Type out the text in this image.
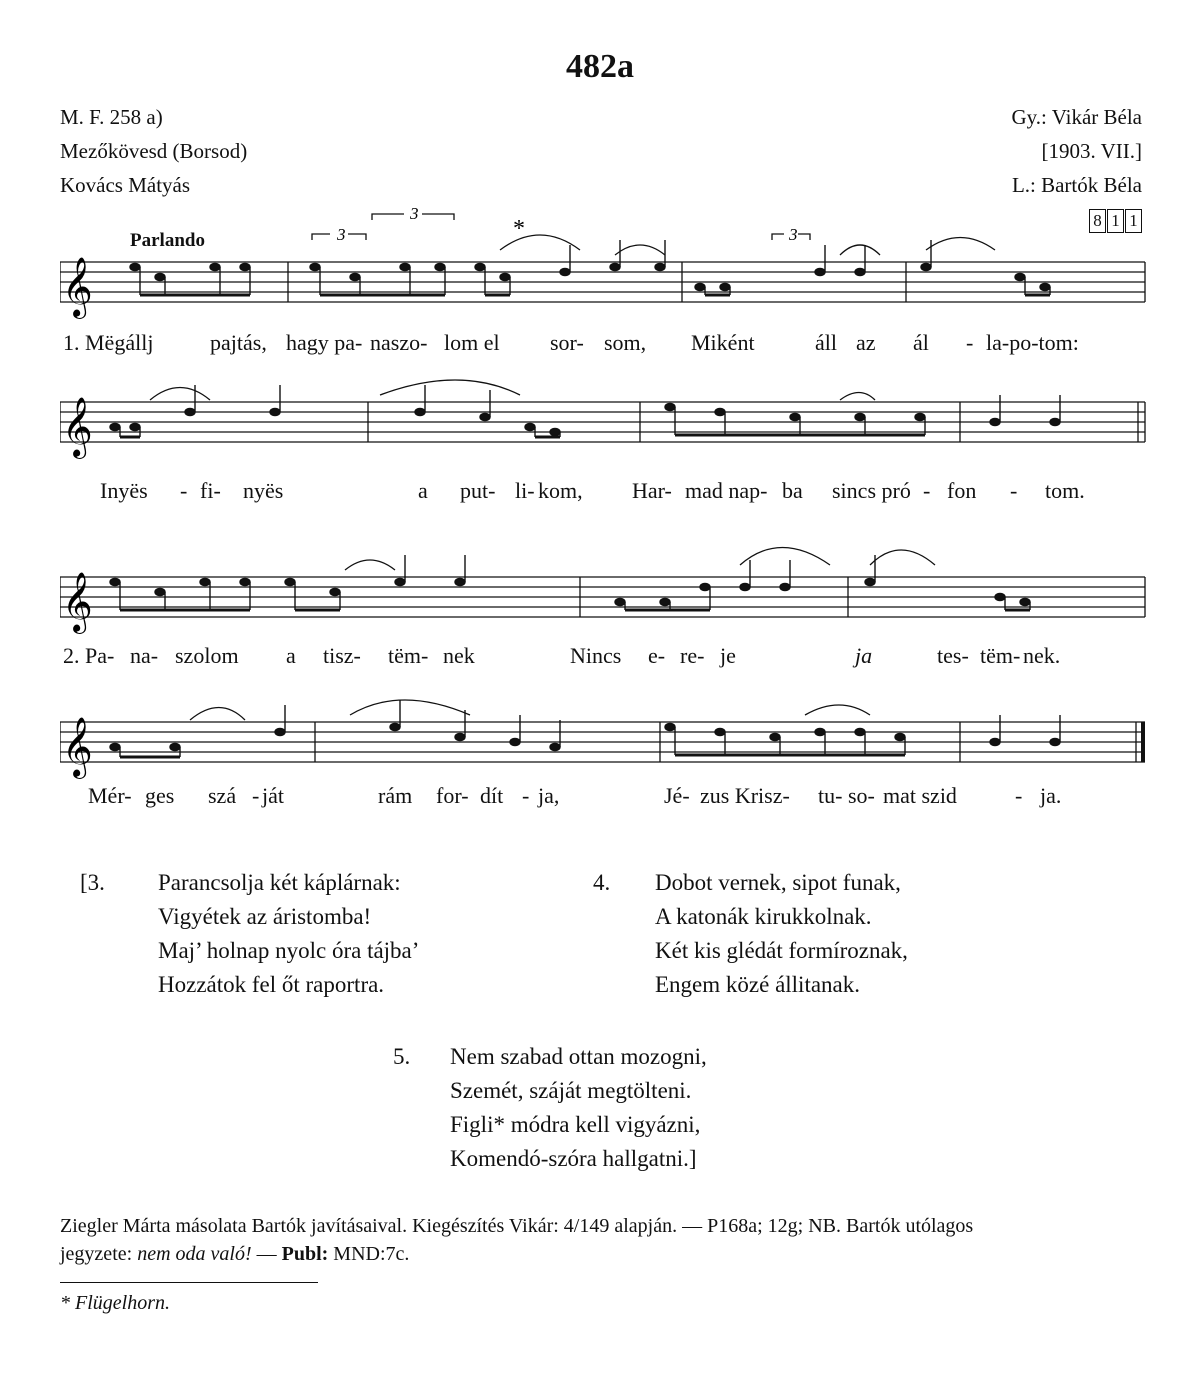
482a
M. F. 258 a)
Mezőkövesd (Borsod)
Kovács Mátyás
Gy.: Vikár Béla
[1903. VII.]
L.: Bartók Béla
8 1 1
Parlando
𝄞
3
3
3
*
1. Mëgállj	pajtás, hagy pa- naszo- lom el sor- som, Miként	áll az ál - la-po-tom:
𝄞
Inyës - fi- nyës	a put- li- kom, Har- mad nap- ba sincs pró - fon - tom.
𝄞
2. Pa- na- szolom a tisz- tëm- nek	Nincs e- re- je	ja	tes- tëm- nek.
𝄞
Mér- ges szá - ját	rám for- dít - ja,	Jé- zus Krisz- tu- so- mat szid	- ja.
[3. Parancsolja két káplárnak:
Vigyétek az áristomba!
Maj’ holnap nyolc óra tájba’
Hozzátok fel őt raportra.
4. Dobot vernek, sipot funak,
A katonák kirukkolnak.
Két kis glédát formíroznak,
Engem közé állitanak.
5. Nem szabad ottan mozogni,
Szemét, száját megtölteni.
Figli* módra kell vigyázni,
Komendó-szóra hallgatni.]
Ziegler Márta másolata Bartók javításaival. Kiegészítés Vikár: 4/149 alapján. — P168a; 12g; NB. Bartók utólagos
jegyzete: nem oda való! — Publ: MND:7c.
* Flügelhorn.
